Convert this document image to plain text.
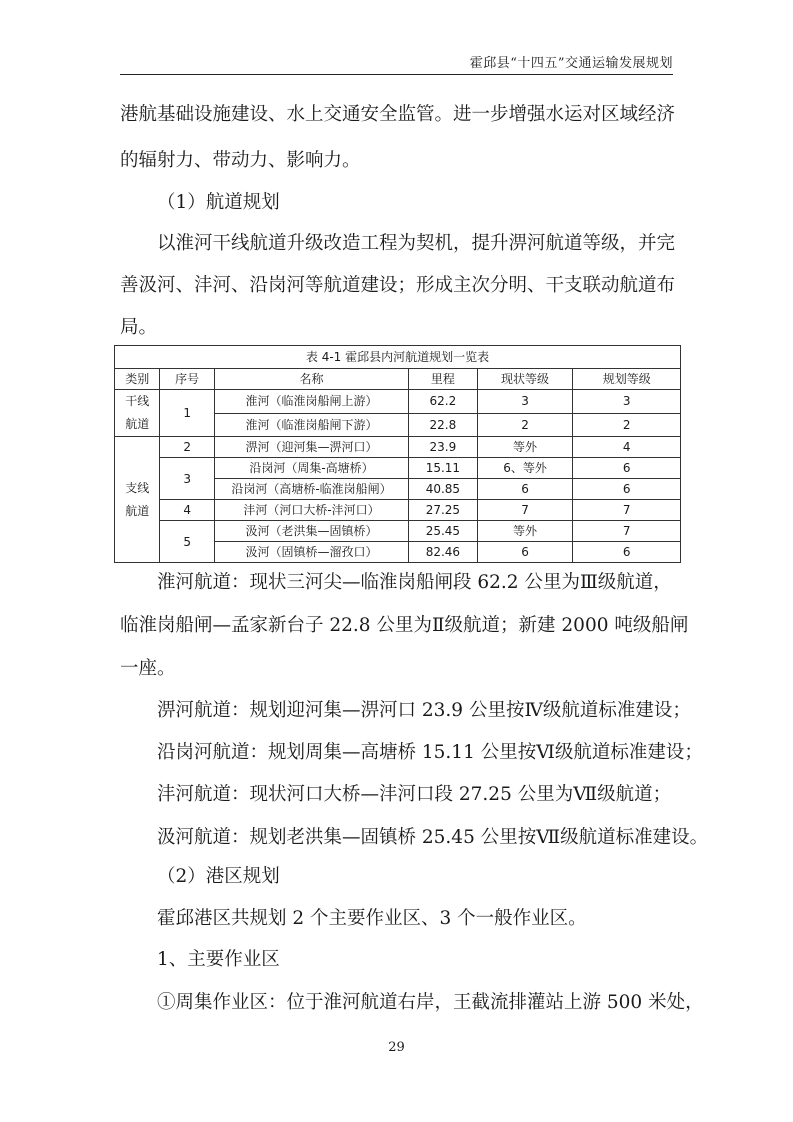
霍邱县“十四五”交通运输发展规划
港航基础设施建设、水上交通安全监管。进一步增强水运对区域经济
的辐射力、带动力、影响力。
（1）航道规划
以淮河干线航道升级改造工程为契机，提升淠河航道等级，并完
善汲河、沣河、沿岗河等航道建设；形成主次分明、干支联动航道布
局。
表 4-1 霍邱县内河航道规划一览表					
类别	序号	名称	里程	现状等级	规划等级
干线
航道	1	淮河（临淮岗船闸上游）	62.2	3	3
		淮河（临淮岗船闸下游）	22.8	2	2
支线
航道	2	淠河（迎河集—淠河口）	23.9	等外	4
	3	沿岗河（周集-高塘桥）	15.11	6、等外	6
		沿岗河（高塘桥-临淮岗船闸）	40.85	6	6
	4	沣河（河口大桥-沣河口）	27.25	7	7
	5	汲河（老洪集—固镇桥）	25.45	等外	7
		汲河（固镇桥—溜孜口）	82.46	6	6
淮河航道：现状三河尖—临淮岗船闸段 62.2 公里为Ⅲ级航道，
临淮岗船闸—孟家新台子 22.8 公里为Ⅱ级航道；新建 2000 吨级船闸
一座。
淠河航道：规划迎河集—淠河口 23.9 公里按Ⅳ级航道标准建设；
沿岗河航道：规划周集—高塘桥 15.11 公里按Ⅵ级航道标准建设；
沣河航道：现状河口大桥—沣河口段 27.25 公里为Ⅶ级航道；
汲河航道：规划老洪集—固镇桥 25.45 公里按Ⅶ级航道标准建设。
（2）港区规划
霍邱港区共规划 2 个主要作业区、3 个一般作业区。
1、主要作业区
①周集作业区：位于淮河航道右岸，王截流排灌站上游 500 米处，
29
